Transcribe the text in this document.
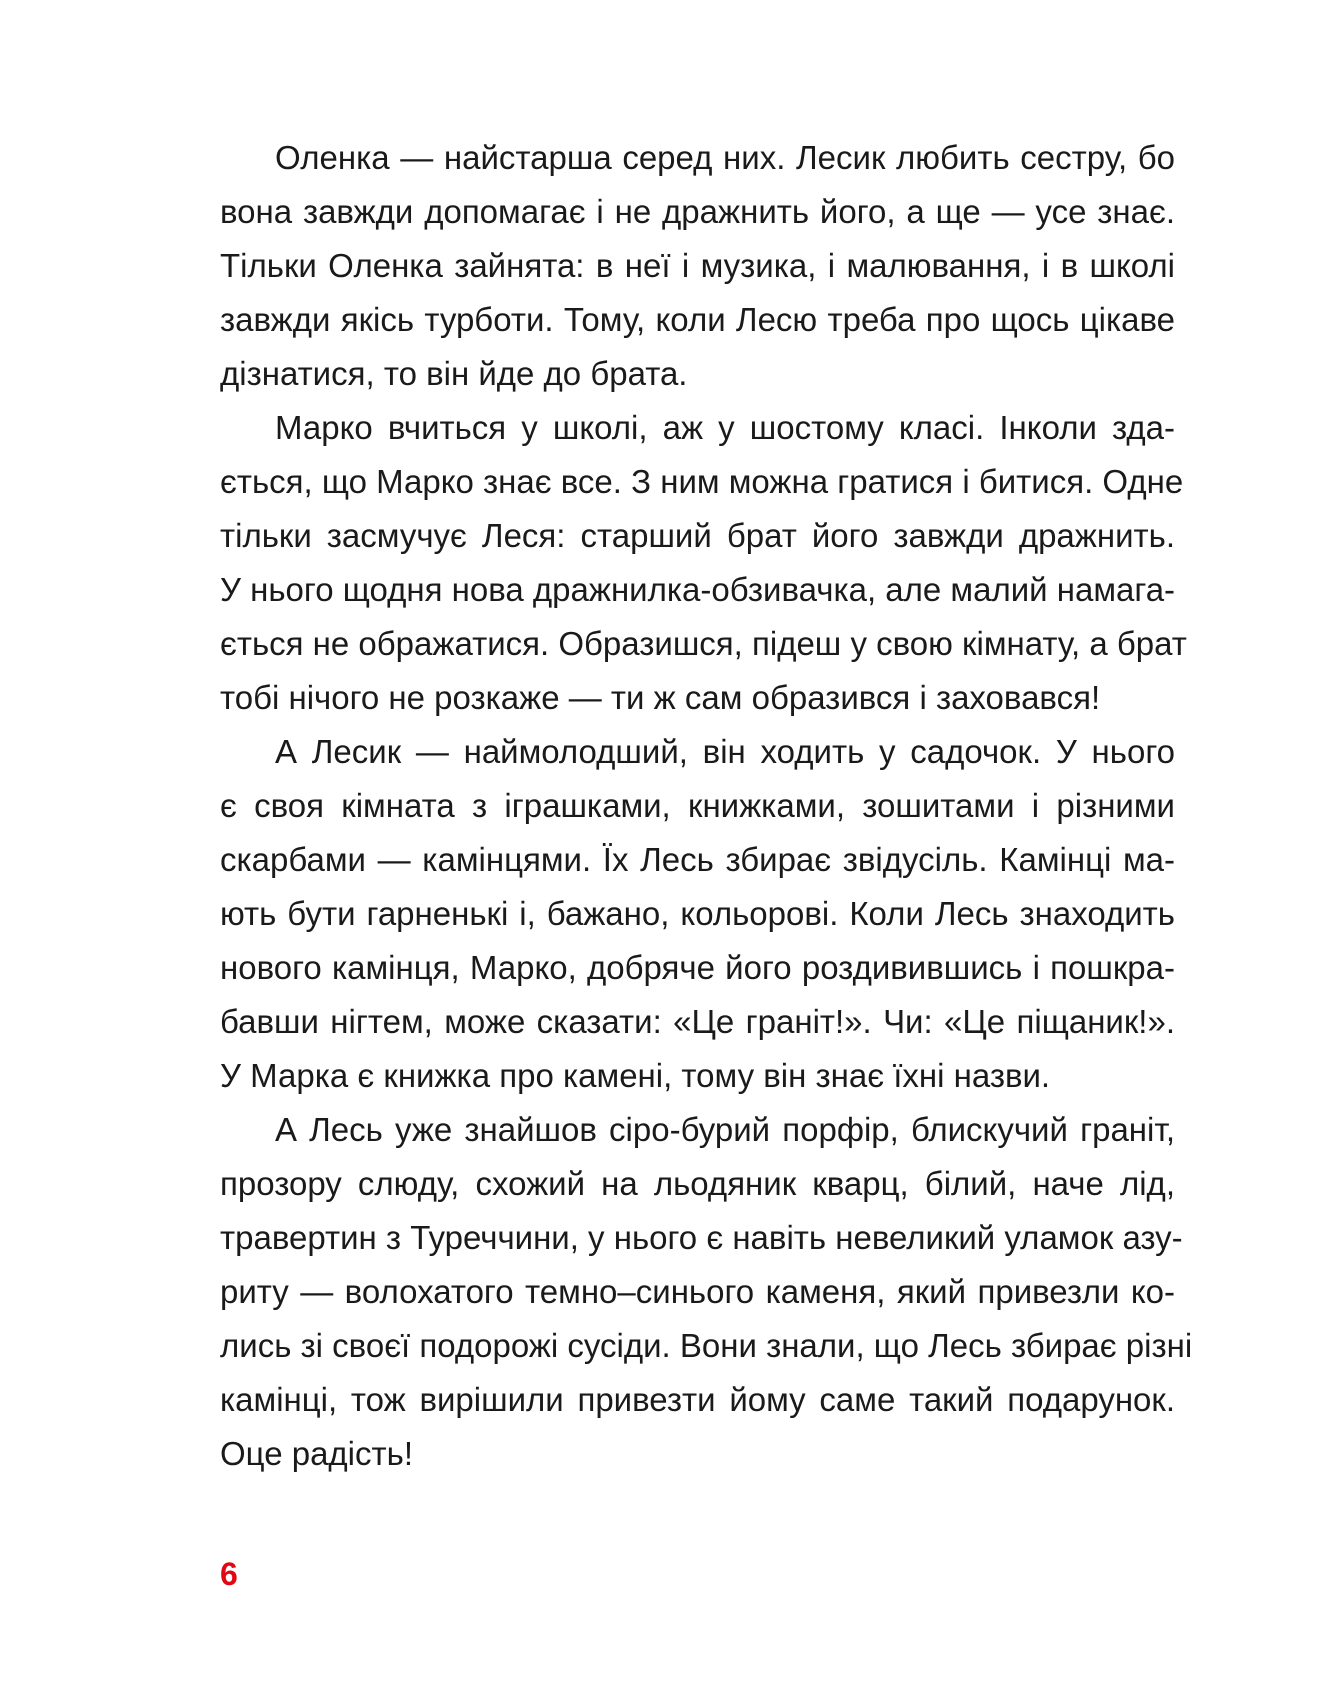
Оленка — найстарша серед них. Лесик любить сестру, бо
вона завжди допомагає і не дражнить його, а ще — усе знає.
Тільки Оленка зайнята: в неї і музика, і малювання, і в школі
завжди якісь турботи. Тому, коли Лесю треба про щось цікаве
дізнатися, то він йде до брата.

Марко вчиться у школі, аж у шостому класі. Інколи зда-
ється, що Марко знає все. З ним можна гратися і битися. Одне
тільки засмучує Леся: старший брат його завжди дражнить.
У нього щодня нова дражнилка-обзивачка, але малий намага-
ється не ображатися. Образишся, підеш у свою кімнату, а брат
тобі нічого не розкаже — ти ж сам образився і заховався!

А Лесик — наймолодший, він ходить у садочок. У нього
є своя кімната з іграшками, книжками, зошитами і різними
скарбами — камінцями. Їх Лесь збирає звідусіль. Камінці ма-
ють бути гарненькі і, бажано, кольорові. Коли Лесь знаходить
нового камінця, Марко, добряче його роздивившись і пошкра-
бавши нігтем, може сказати: «Це граніт!». Чи: «Це піщаник!».
У Марка є книжка про камені, тому він знає їхні назви.

А Лесь уже знайшов сіро-бурий порфір, блискучий граніт,
прозору слюду, схожий на льодяник кварц, білий, наче лід,
травертин з Туреччини, у нього є навіть невеликий уламок азу-
риту — волохатого темно–синього каменя, який привезли ко-
лись зі своєї подорожі сусіди. Вони знали, що Лесь збирає різні
камінці, тож вирішили привезти йому саме такий подарунок.
Оце радість!

6
